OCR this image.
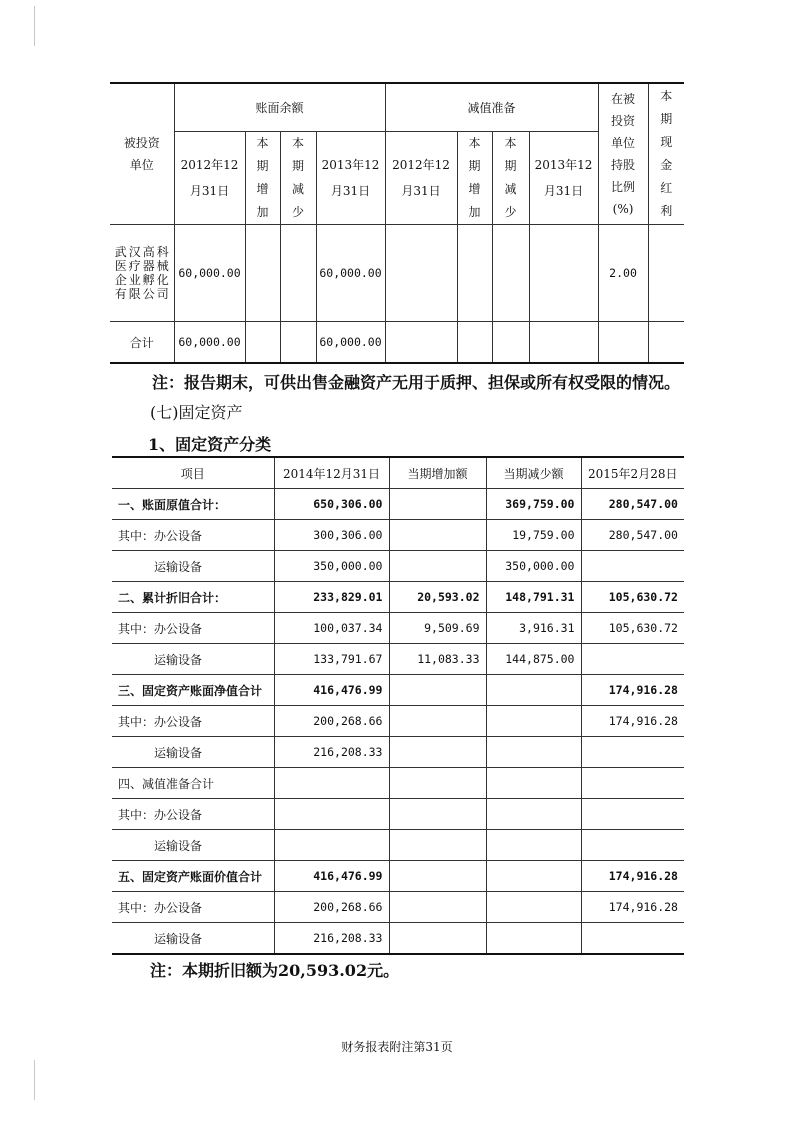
被投资单位	账面余额				减值准备				在被投资单位持股比例(%)	本期现金红利
	2012年12月31日	本期增加	本期减少	2013年12月31日	2012年12月31日	本期增加	本期减少	2013年12月31日		
武汉高科医疗器械企业孵化有限公司	60,000.00			60,000.00					2.00	
合计	60,000.00			60,000.00						
注：报告期末，可供出售金融资产无用于质押、担保或所有权受限的情况。
(七)固定资产
1、固定资产分类
项目	2014年12月31日	当期增加额	当期减少额	2015年2月28日
一、账面原值合计：	650,306.00		369,759.00	280,547.00
其中：办公设备	300,306.00		19,759.00	280,547.00
运输设备	350,000.00		350,000.00	
二、累计折旧合计：	233,829.01	20,593.02	148,791.31	105,630.72
其中：办公设备	100,037.34	9,509.69	3,916.31	105,630.72
运输设备	133,791.67	11,083.33	144,875.00	
三、固定资产账面净值合计	416,476.99			174,916.28
其中：办公设备	200,268.66			174,916.28
运输设备	216,208.33			
四、减值准备合计				
其中：办公设备				
运输设备				
五、固定资产账面价值合计	416,476.99			174,916.28
其中：办公设备	200,268.66			174,916.28
运输设备	216,208.33			
注：本期折旧额为20,593.02元。
财务报表附注第31页
